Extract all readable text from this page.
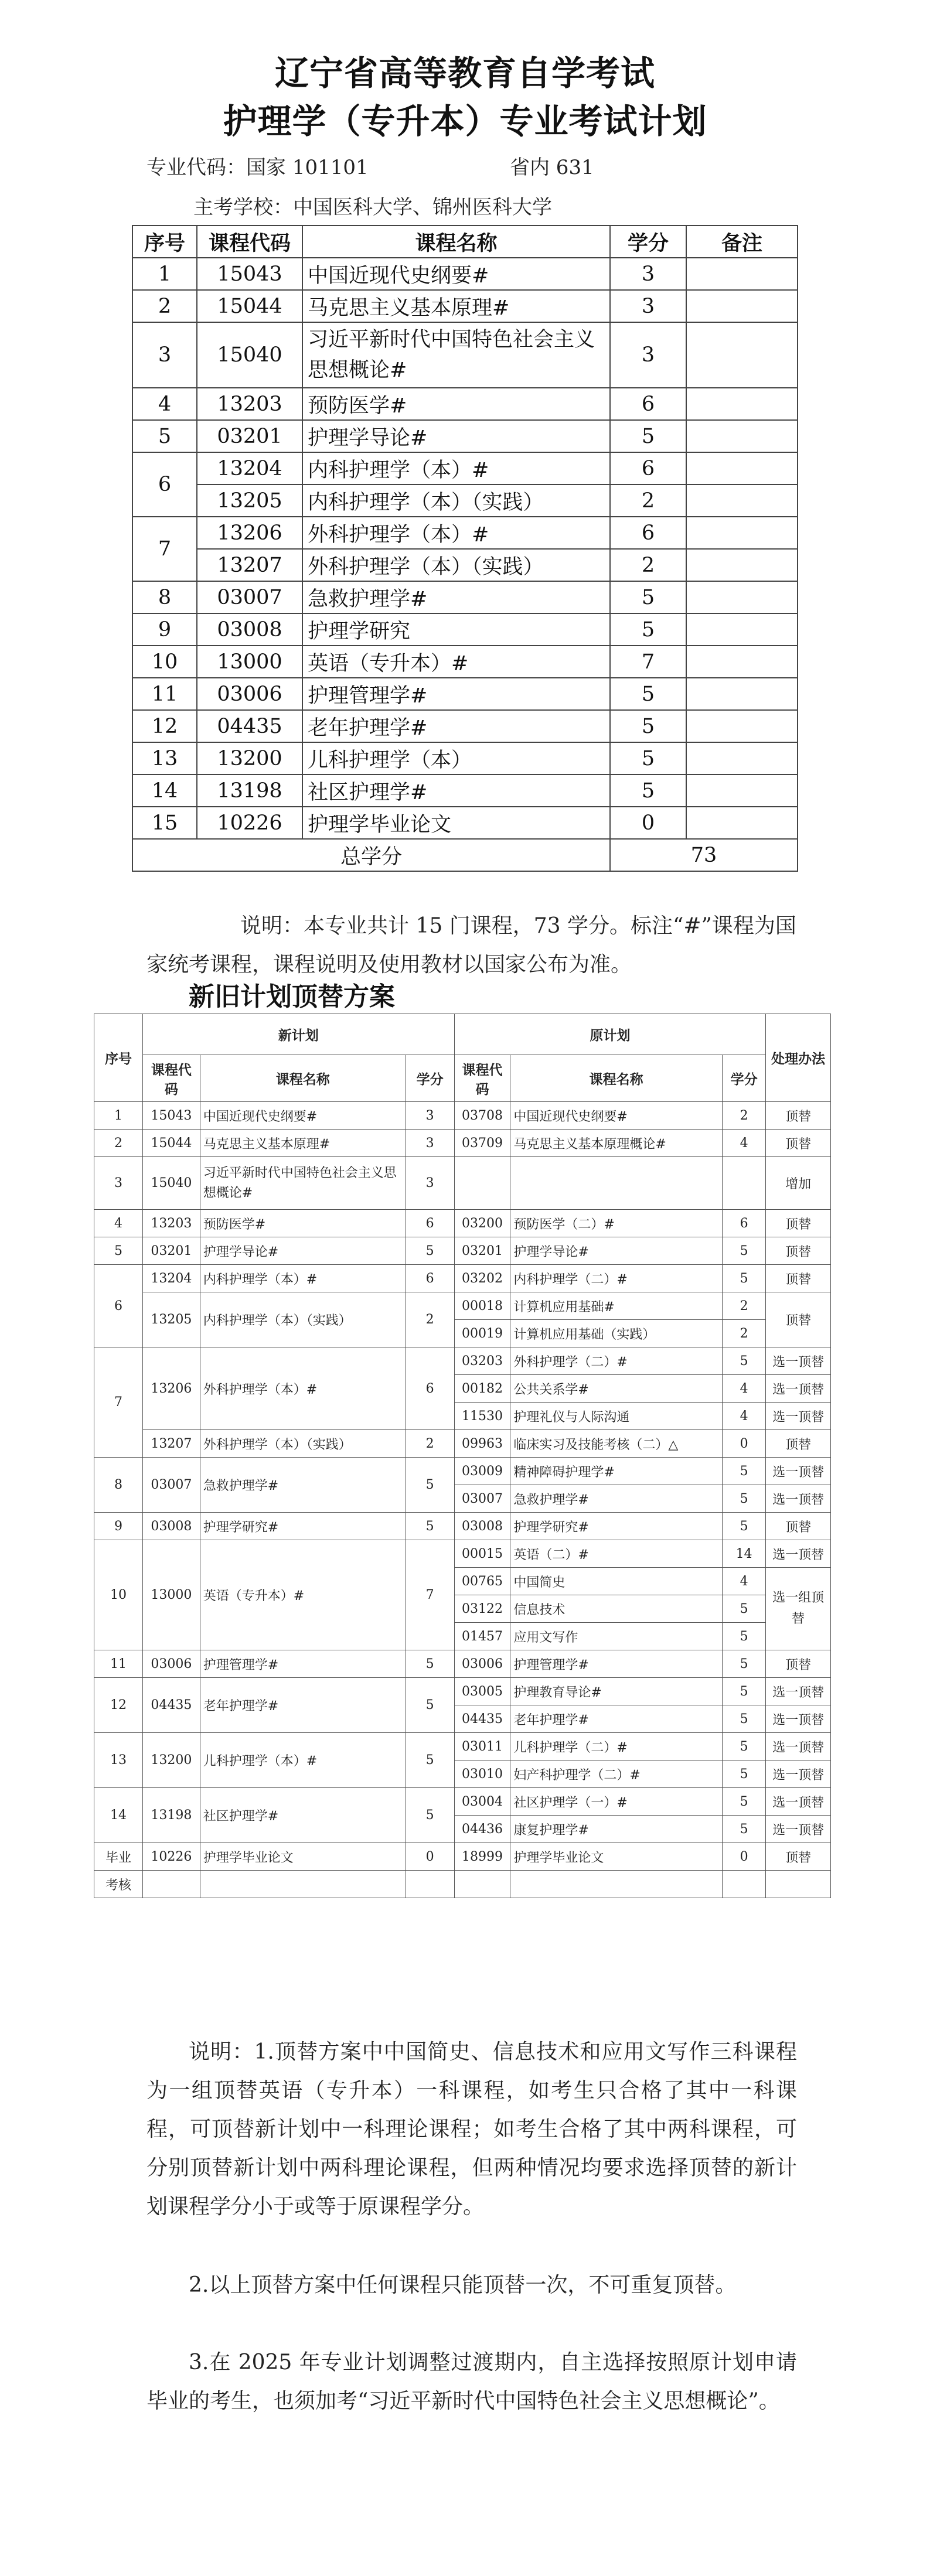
辽宁省高等教育自学考试
护理学（专升本）专业考试计划
专业代码：国家 101101	省内 631
主考学校：中国医科大学、锦州医科大学
序号	课程代码	课程名称	学分	备注
1	15043	中国近现代史纲要#	3	
2	15044	马克思主义基本原理#	3	
3	15040	习近平新时代中国特色社会主义思想概论#	3	
4	13203	预防医学#	6	
5	03201	护理学导论#	5	
6	13204	内科护理学（本）#	6	
	13205	内科护理学（本）（实践）	2	
7	13206	外科护理学（本）#	6	
	13207	外科护理学（本）（实践）	2	
8	03007	急救护理学#	5	
9	03008	护理学研究	5	
10	13000	英语（专升本）#	7	
11	03006	护理管理学#	5	
12	04435	老年护理学#	5	
13	13200	儿科护理学（本）	5	
14	13198	社区护理学#	5	
15	10226	护理学毕业论文	0	
总学分			73	
说明：本专业共计 15 门课程，73 学分。标注“#”课程为国家统考课程，课程说明及使用教材以国家公布为准。
新旧计划顶替方案
序号	新计划			原计划			处理办法
	课程代码	课程名称	学分	课程代码	课程名称	学分	
1	15043	中国近现代史纲要#	3	03708	中国近现代史纲要#	2	顶替
2	15044	马克思主义基本原理#	3	03709	马克思主义基本原理概论#	4	顶替
3	15040	习近平新时代中国特色社会主义思想概论#	3				增加
4	13203	预防医学#	6	03200	预防医学（二）#	6	顶替
5	03201	护理学导论#	5	03201	护理学导论#	5	顶替
6	13204	内科护理学（本）#	6	03202	内科护理学（二）#	5	顶替
	13205	内科护理学（本）（实践）	2	00018	计算机应用基础#	2	顶替
				00019	计算机应用基础（实践）	2	
7	13206	外科护理学（本）#	6	03203	外科护理学（二）#	5	选一顶替
				00182	公共关系学#	4	选一顶替
				11530	护理礼仪与人际沟通	4	选一顶替
	13207	外科护理学（本）（实践）	2	09963	临床实习及技能考核（二）△	0	顶替
8	03007	急救护理学#	5	03009	精神障碍护理学#	5	选一顶替
				03007	急救护理学#	5	选一顶替
9	03008	护理学研究#	5	03008	护理学研究#	5	顶替
10	13000	英语（专升本）#	7	00015	英语（二）#	14	选一顶替
				00765	中国简史	4	选一组顶替
				03122	信息技术	5	
				01457	应用文写作	5	
11	03006	护理管理学#	5	03006	护理管理学#	5	顶替
12	04435	老年护理学#	5	03005	护理教育导论#	5	选一顶替
				04435	老年护理学#	5	选一顶替
13	13200	儿科护理学（本）#	5	03011	儿科护理学（二）#	5	选一顶替
				03010	妇产科护理学（二）#	5	选一顶替
14	13198	社区护理学#	5	03004	社区护理学（一）#	5	选一顶替
				04436	康复护理学#	5	选一顶替
毕业	10226	护理学毕业论文	0	18999	护理学毕业论文	0	顶替
考核							
说明：1.顶替方案中中国简史、信息技术和应用文写作三科课程为一组顶替英语（专升本）一科课程，如考生只合格了其中一科课程，可顶替新计划中一科理论课程；如考生合格了其中两科课程，可分别顶替新计划中两科理论课程，但两种情况均要求选择顶替的新计划课程学分小于或等于原课程学分。
2.以上顶替方案中任何课程只能顶替一次，不可重复顶替。
3.在 2025 年专业计划调整过渡期内，自主选择按照原计划申请毕业的考生，也须加考“习近平新时代中国特色社会主义思想概论”。
